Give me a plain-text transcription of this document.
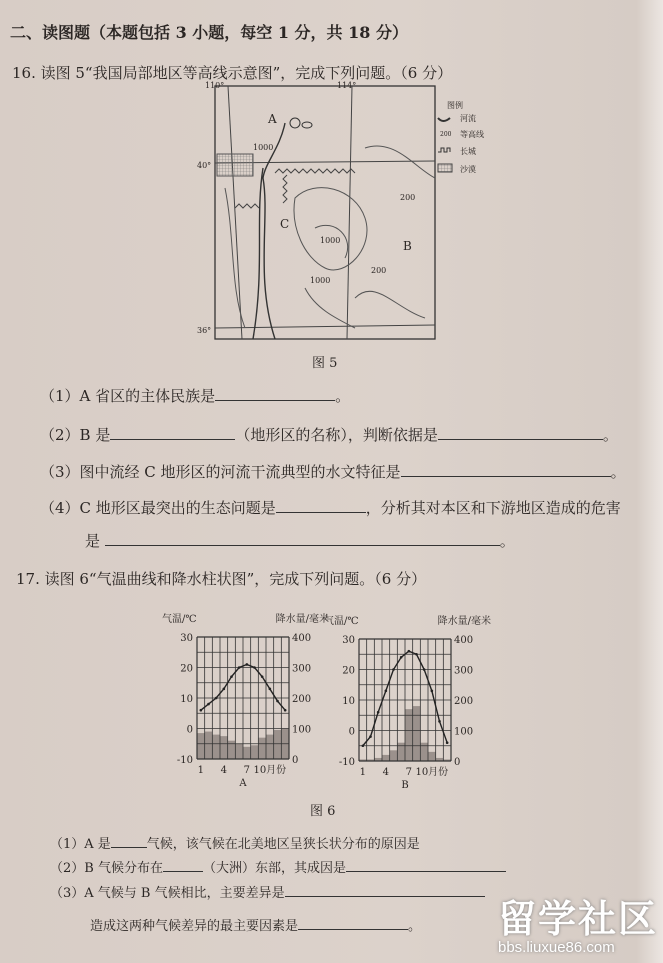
二、读图题（本题包括 3 小题，每空 1 分，共 18 分）
16. 读图 5“我国局部地区等高线示意图”，完成下列问题。（6 分）
110°	114°
40°
36°
A
B
C
1000
1000
1000
200
200
图例
河流
200 等高线
长城
沙漠
图 5
（1）A 省区的主体民族是	。
（2）B 是	（地形区的名称），判断依据是	。
（3）图中流经 C 地形区的河流干流典型的水文特征是	。
（4）C 地形区最突出的生态问题是	，分析其对本区和下游地区造成的危害
是	。
17. 读图 6“气温曲线和降水柱状图”，完成下列问题。（6 分）
气温/℃	降水量/毫米
30
20
10
0
-10
400
300
200
100
0
1 4 7 10月份
A
气温/℃	降水量/毫米
30
20
10
0
-10
400
300
200
100
0
1 4 7 10月份
B
图 6
（1）A 是	气候，该气候在北美地区呈狭长状分布的原因是
（2）B 气候分布在	（大洲）东部，其成因是
（3）A 气候与 B 气候相比，主要差异是
造成这两种气候差异的最主要因素是	。 留学社区
bbs.liuxue86.com
